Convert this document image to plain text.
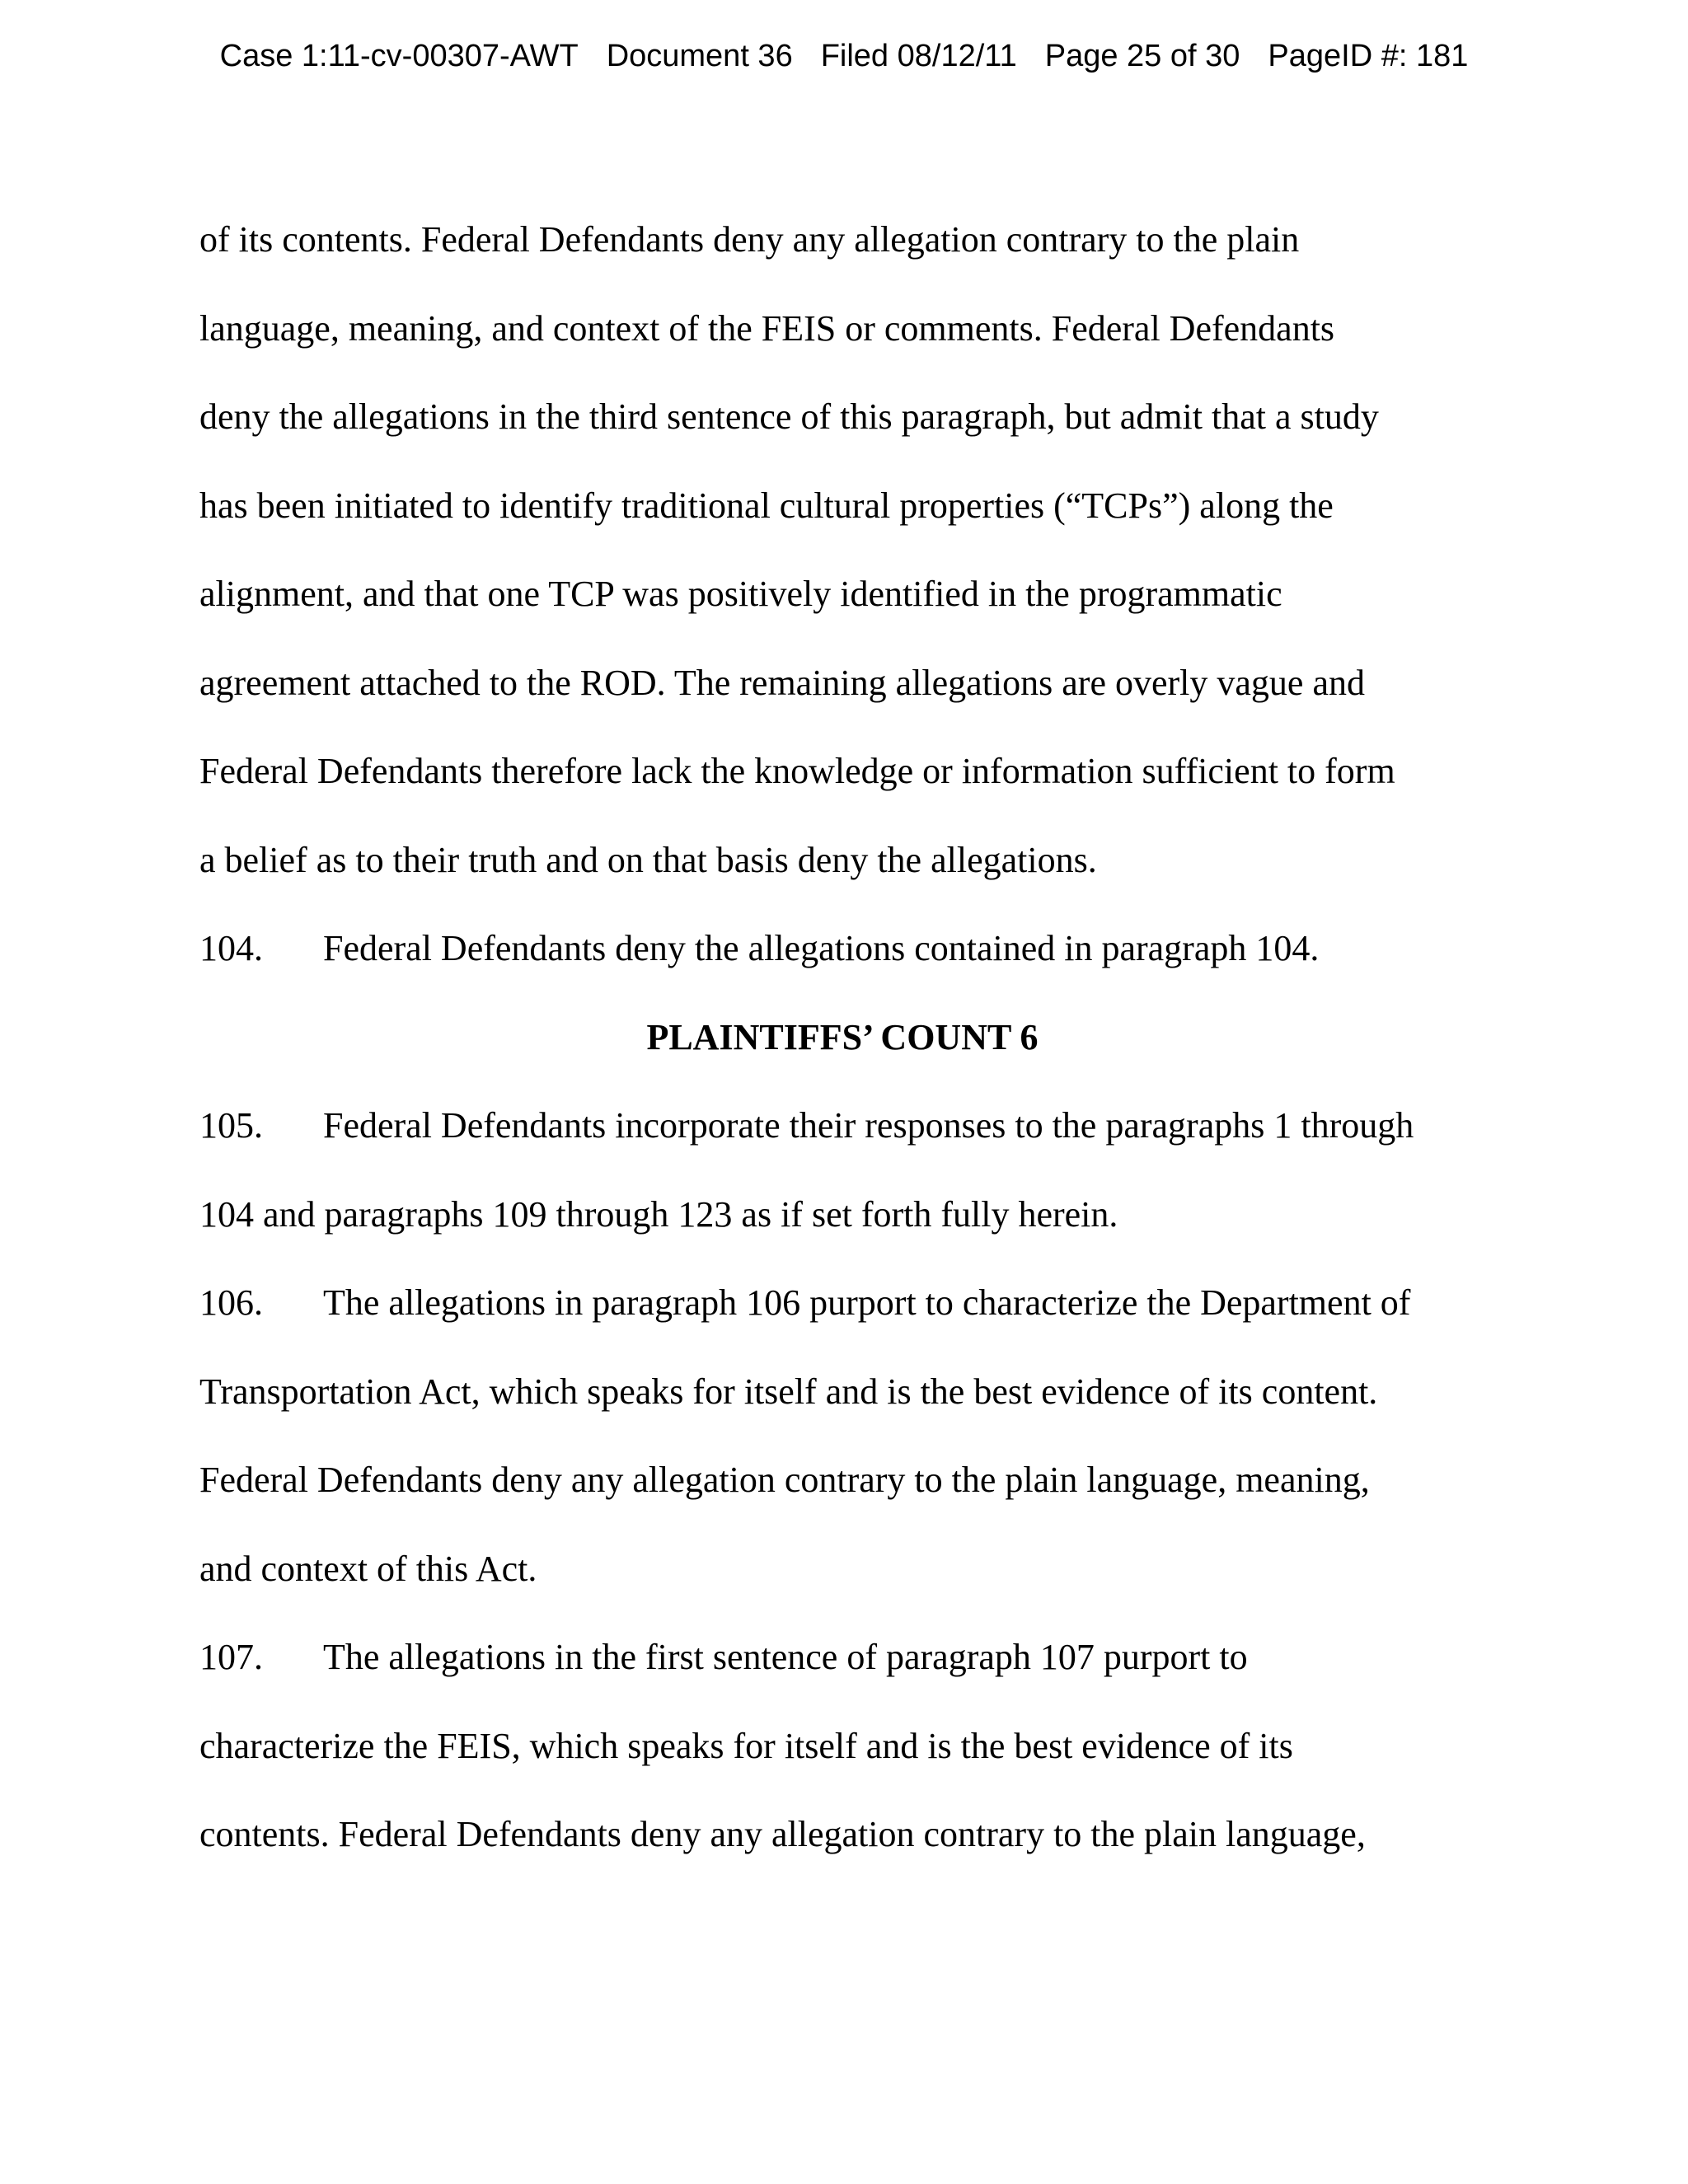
Case 1:11-cv-00307-AWT Document 36 Filed 08/12/11 Page 25 of 30 PageID #: 181
of its contents. Federal Defendants deny any allegation contrary to the plain
language, meaning, and context of the FEIS or comments. Federal Defendants
deny the allegations in the third sentence of this paragraph, but admit that a study
has been initiated to identify traditional cultural properties (“TCPs”) along the
alignment, and that one TCP was positively identified in the programmatic
agreement attached to the ROD. The remaining allegations are overly vague and
Federal Defendants therefore lack the knowledge or information sufficient to form
a belief as to their truth and on that basis deny the allegations.
104. Federal Defendants deny the allegations contained in paragraph 104.
PLAINTIFFS’ COUNT 6
105. Federal Defendants incorporate their responses to the paragraphs 1 through
104 and paragraphs 109 through 123 as if set forth fully herein.
106. The allegations in paragraph 106 purport to characterize the Department of
Transportation Act, which speaks for itself and is the best evidence of its content.
Federal Defendants deny any allegation contrary to the plain language, meaning,
and context of this Act.
107. The allegations in the first sentence of paragraph 107 purport to
characterize the FEIS, which speaks for itself and is the best evidence of its
contents. Federal Defendants deny any allegation contrary to the plain language,
